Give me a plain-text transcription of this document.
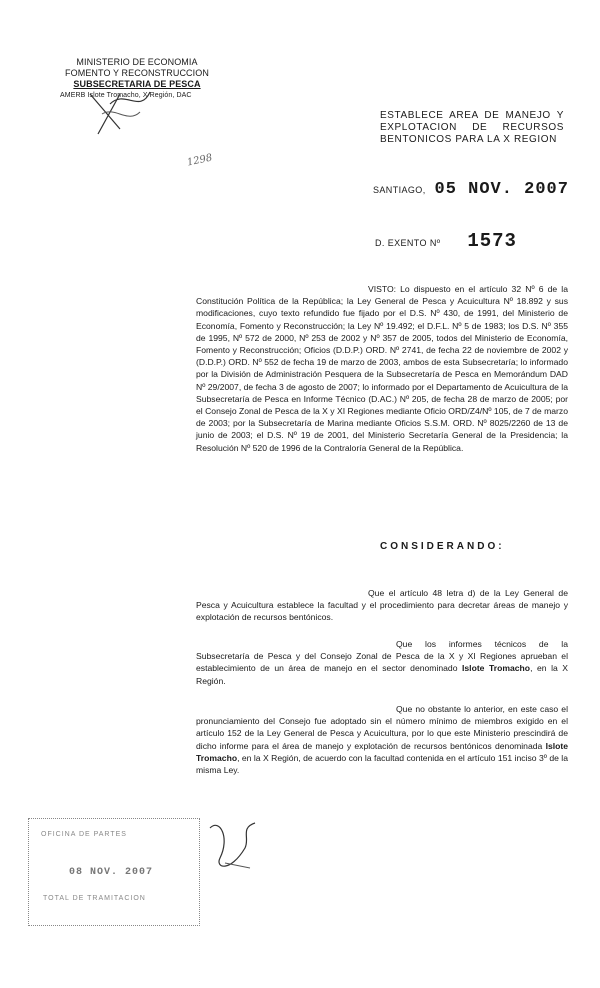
MINISTERIO DE ECONOMIA
FOMENTO Y RECONSTRUCCION
SUBSECRETARIA DE PESCA
AMERB Islote Tromacho, X Región, DAC
1298
ESTABLECE AREA DE MANEJO Y
EXPLOTACION DE RECURSOS
BENTONICOS PARA LA X REGION
SANTIAGO, 05 NOV. 2007
D. EXENTO Nº 1573
VISTO: Lo dispuesto en el artículo 32 Nº 6 de la Constitución Política de la República; la Ley General de Pesca y Acuicultura Nº 18.892 y sus modificaciones, cuyo texto refundido fue fijado por el D.S. Nº 430, de 1991, del Ministerio de Economía, Fomento y Reconstrucción; la Ley Nº 19.492; el D.F.L. Nº 5 de 1983; los D.S. Nº 355 de 1995, Nº 572 de 2000, Nº 253 de 2002 y Nº 357 de 2005, todos del Ministerio de Economía, Fomento y Reconstrucción; Oficios (D.D.P.) ORD. Nº 2741, de fecha 22 de noviembre de 2002 y (D.D.P.) ORD. Nº 552 de fecha 19 de marzo de 2003, ambos de esta Subsecretaría; lo informado por la División de Administración Pesquera de la Subsecretaría de Pesca en Memorándum DAD Nº 29/2007, de fecha 3 de agosto de 2007; lo informado por el Departamento de Acuicultura de la Subsecretaría de Pesca en Informe Técnico (D.AC.) Nº 205, de fecha 28 de marzo de 2005; por el Consejo Zonal de Pesca de la X y XI Regiones mediante Oficio ORD/Z4/Nº 105, de 7 de marzo de 2003; por la Subsecretaría de Marina mediante Oficios S.S.M. ORD. Nº 8025/2260 de 13 de junio de 2003; el D.S. Nº 19 de 2001, del Ministerio Secretaría General de la Presidencia; la Resolución Nº 520 de 1996 de la Contraloría General de la República.
CONSIDERANDO:
Que el artículo 48 letra d) de la Ley General de Pesca y Acuicultura establece la facultad y el procedimiento para decretar áreas de manejo y explotación de recursos bentónicos.
Que los informes técnicos de la Subsecretaría de Pesca y del Consejo Zonal de Pesca de la X y XI Regiones aprueban el establecimiento de un área de manejo en el sector denominado Islote Tromacho, en la X Región.
Que no obstante lo anterior, en este caso el pronunciamiento del Consejo fue adoptado sin el número mínimo de miembros exigido en el artículo 152 de la Ley General de Pesca y Acuicultura, por lo que este Ministerio prescindirá de dicho informe para el área de manejo y explotación de recursos bentónicos denominada Islote Tromacho, en la X Región, de acuerdo con la facultad contenida en el artículo 151 inciso 3º de la misma Ley.
OFICINA DE PARTES
08 NOV. 2007
TOTAL DE TRAMITACION
